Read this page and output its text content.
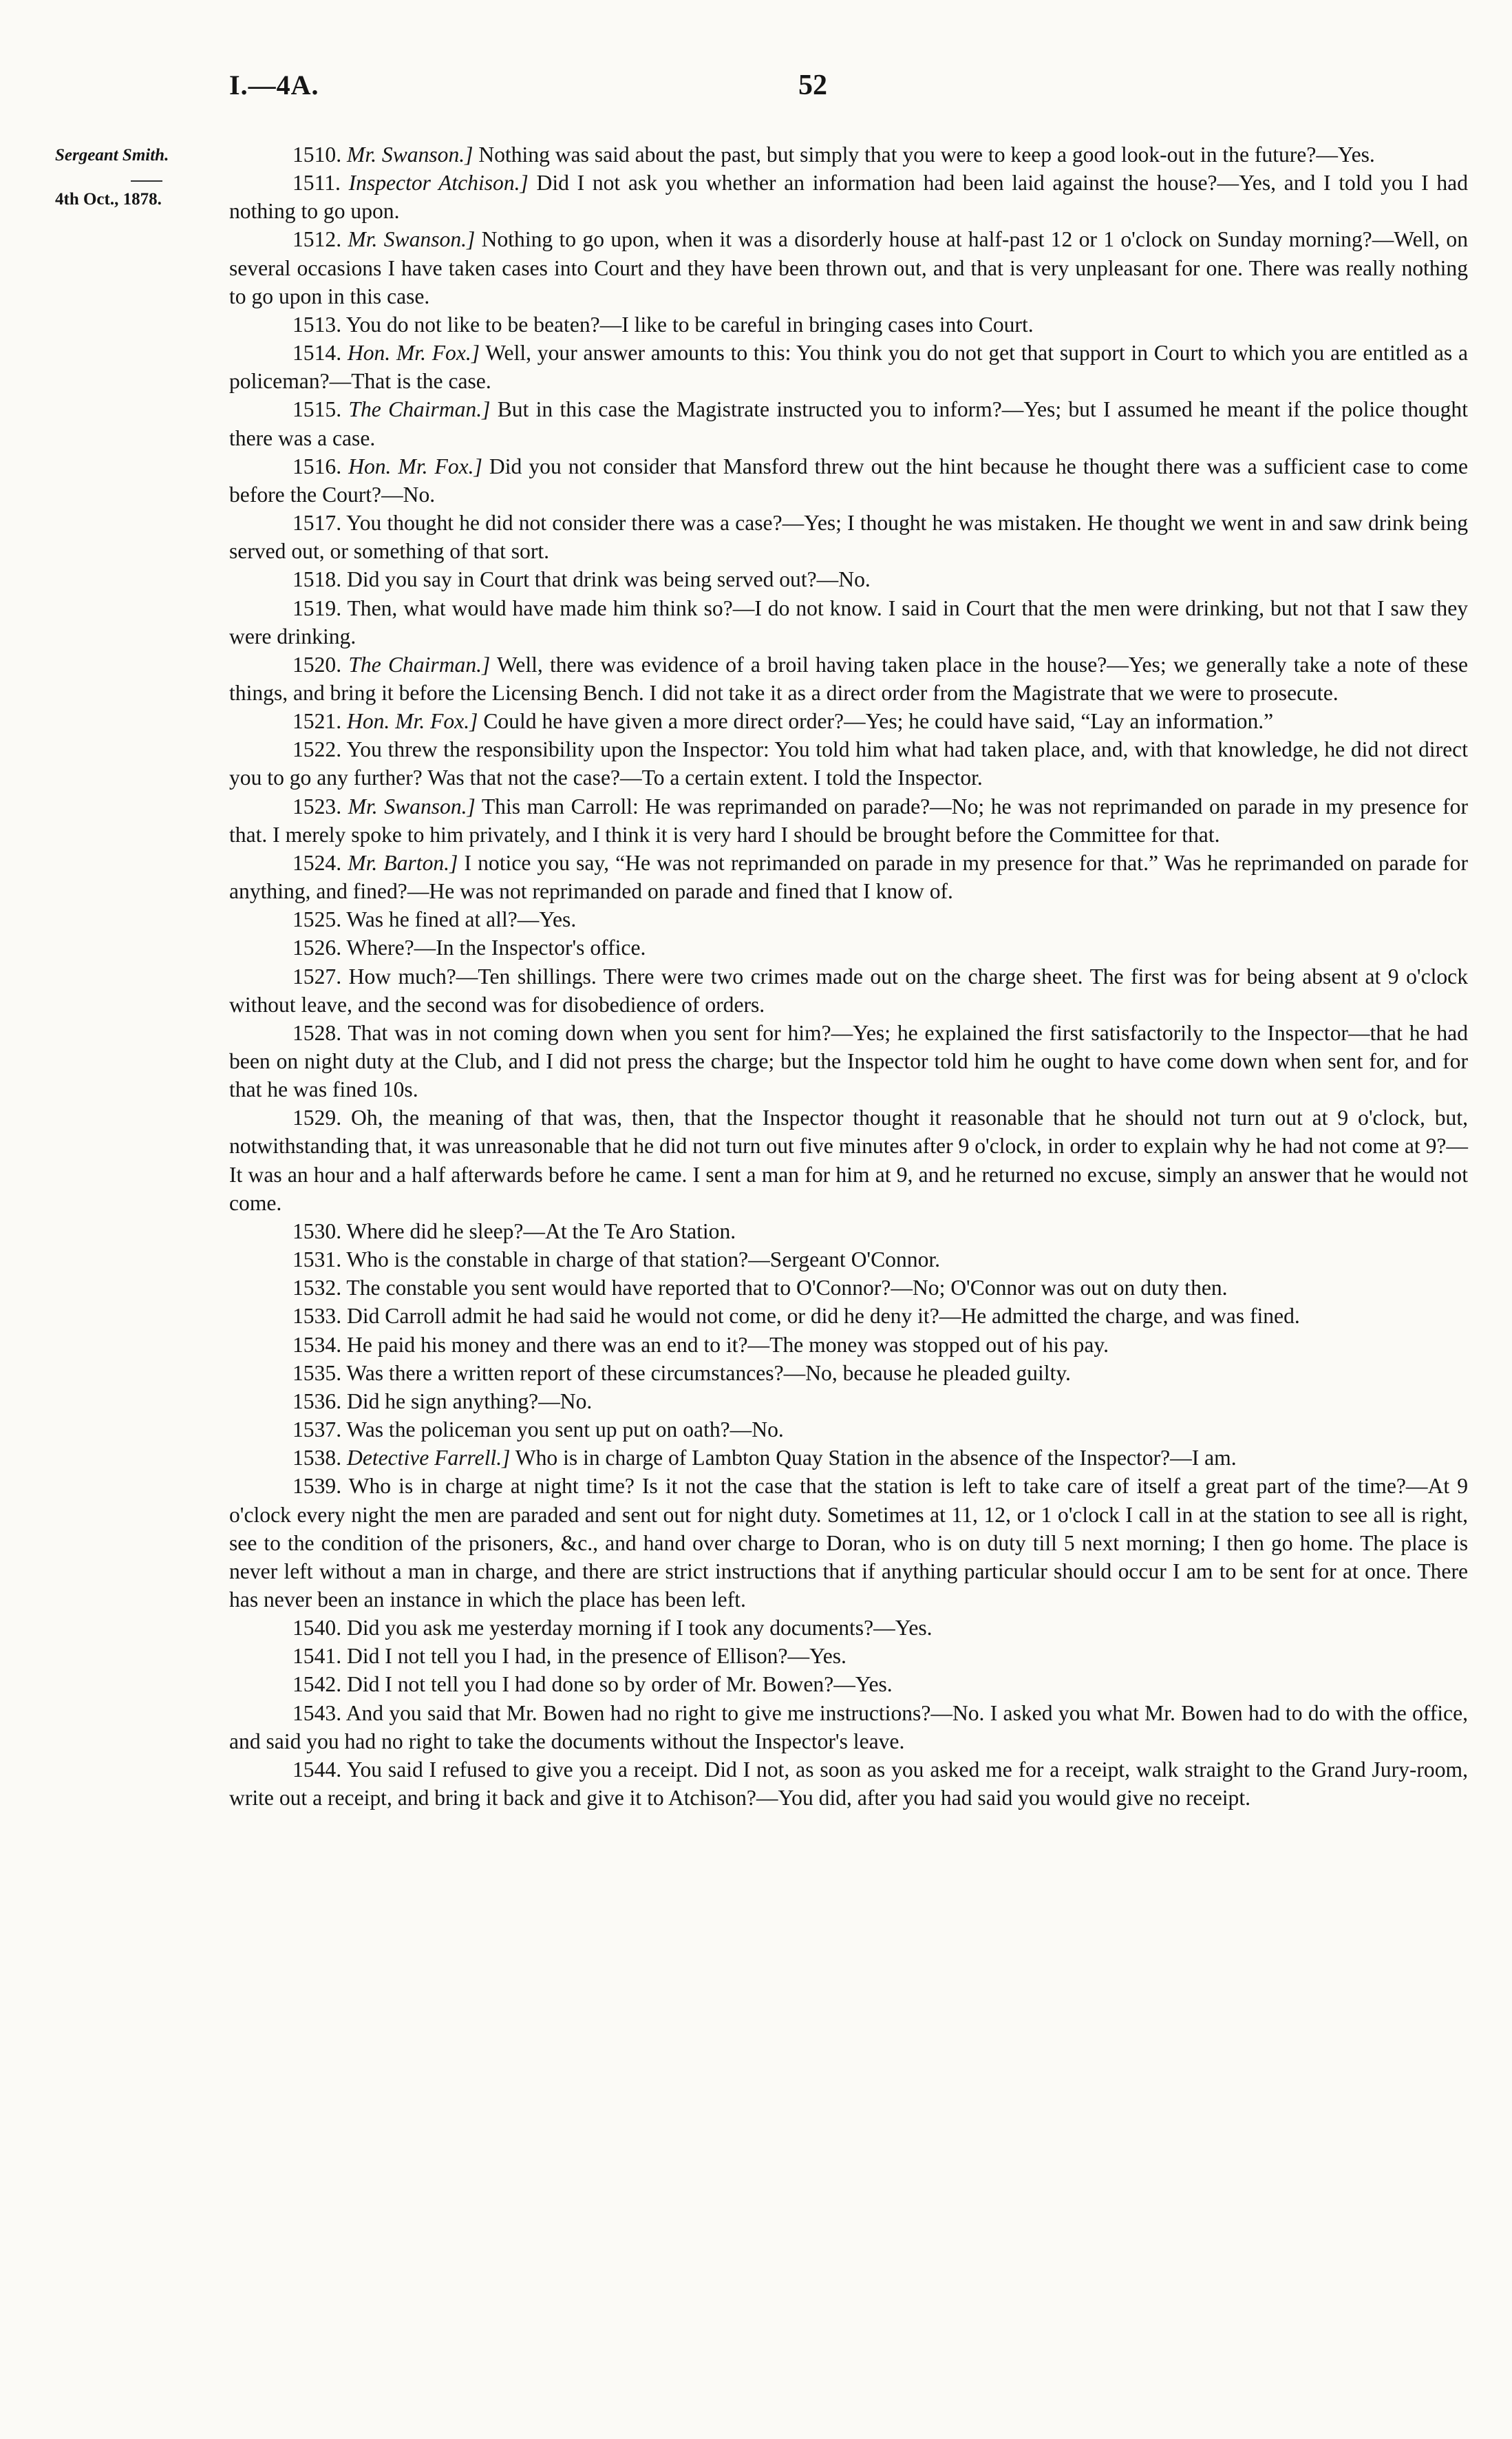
I.—4A.	52
Sergeant Smith.
4th Oct., 1878.

1510. Mr. Swanson.] Nothing was said about the past, but simply that you were to keep a good look-out in the future?—Yes.

1511. Inspector Atchison.] Did I not ask you whether an information had been laid against the house?—Yes, and I told you I had nothing to go upon.

1512. Mr. Swanson.] Nothing to go upon, when it was a disorderly house at half-past 12 or 1 o'clock on Sunday morning?—Well, on several occasions I have taken cases into Court and they have been thrown out, and that is very unpleasant for one. There was really nothing to go upon in this case.

1513. You do not like to be beaten?—I like to be careful in bringing cases into Court.

1514. Hon. Mr. Fox.] Well, your answer amounts to this: You think you do not get that support in Court to which you are entitled as a policeman?—That is the case.

1515. The Chairman.] But in this case the Magistrate instructed you to inform?—Yes; but I assumed he meant if the police thought there was a case.

1516. Hon. Mr. Fox.] Did you not consider that Mansford threw out the hint because he thought there was a sufficient case to come before the Court?—No.

1517. You thought he did not consider there was a case?—Yes; I thought he was mistaken. He thought we went in and saw drink being served out, or something of that sort.

1518. Did you say in Court that drink was being served out?—No.

1519. Then, what would have made him think so?—I do not know. I said in Court that the men were drinking, but not that I saw they were drinking.

1520. The Chairman.] Well, there was evidence of a broil having taken place in the house?—Yes; we generally take a note of these things, and bring it before the Licensing Bench. I did not take it as a direct order from the Magistrate that we were to prosecute.

1521. Hon. Mr. Fox.] Could he have given a more direct order?—Yes; he could have said, “Lay an information.”

1522. You threw the responsibility upon the Inspector: You told him what had taken place, and, with that knowledge, he did not direct you to go any further? Was that not the case?—To a certain extent. I told the Inspector.

1523. Mr. Swanson.] This man Carroll: He was reprimanded on parade?—No; he was not reprimanded on parade in my presence for that. I merely spoke to him privately, and I think it is very hard I should be brought before the Committee for that.

1524. Mr. Barton.] I notice you say, “He was not reprimanded on parade in my presence for that.” Was he reprimanded on parade for anything, and fined?—He was not reprimanded on parade and fined that I know of.

1525. Was he fined at all?—Yes.

1526. Where?—In the Inspector's office.

1527. How much?—Ten shillings. There were two crimes made out on the charge sheet. The first was for being absent at 9 o'clock without leave, and the second was for disobedience of orders.

1528. That was in not coming down when you sent for him?—Yes; he explained the first satisfactorily to the Inspector—that he had been on night duty at the Club, and I did not press the charge; but the Inspector told him he ought to have come down when sent for, and for that he was fined 10s.

1529. Oh, the meaning of that was, then, that the Inspector thought it reasonable that he should not turn out at 9 o'clock, but, notwithstanding that, it was unreasonable that he did not turn out five minutes after 9 o'clock, in order to explain why he had not come at 9?—It was an hour and a half afterwards before he came. I sent a man for him at 9, and he returned no excuse, simply an answer that he would not come.

1530. Where did he sleep?—At the Te Aro Station.

1531. Who is the constable in charge of that station?—Sergeant O'Connor.

1532. The constable you sent would have reported that to O'Connor?—No; O'Connor was out on duty then.

1533. Did Carroll admit he had said he would not come, or did he deny it?—He admitted the charge, and was fined.

1534. He paid his money and there was an end to it?—The money was stopped out of his pay.

1535. Was there a written report of these circumstances?—No, because he pleaded guilty.

1536. Did he sign anything?—No.

1537. Was the policeman you sent up put on oath?—No.

1538. Detective Farrell.] Who is in charge of Lambton Quay Station in the absence of the Inspector?—I am.

1539. Who is in charge at night time? Is it not the case that the station is left to take care of itself a great part of the time?—At 9 o'clock every night the men are paraded and sent out for night duty. Sometimes at 11, 12, or 1 o'clock I call in at the station to see all is right, see to the condition of the prisoners, &c., and hand over charge to Doran, who is on duty till 5 next morning; I then go home. The place is never left without a man in charge, and there are strict instructions that if anything particular should occur I am to be sent for at once. There has never been an instance in which the place has been left.

1540. Did you ask me yesterday morning if I took any documents?—Yes.

1541. Did I not tell you I had, in the presence of Ellison?—Yes.

1542. Did I not tell you I had done so by order of Mr. Bowen?—Yes.

1543. And you said that Mr. Bowen had no right to give me instructions?—No. I asked you what Mr. Bowen had to do with the office, and said you had no right to take the documents without the Inspector's leave.

1544. You said I refused to give you a receipt. Did I not, as soon as you asked me for a receipt, walk straight to the Grand Jury-room, write out a receipt, and bring it back and give it to Atchison?—You did, after you had said you would give no receipt.
